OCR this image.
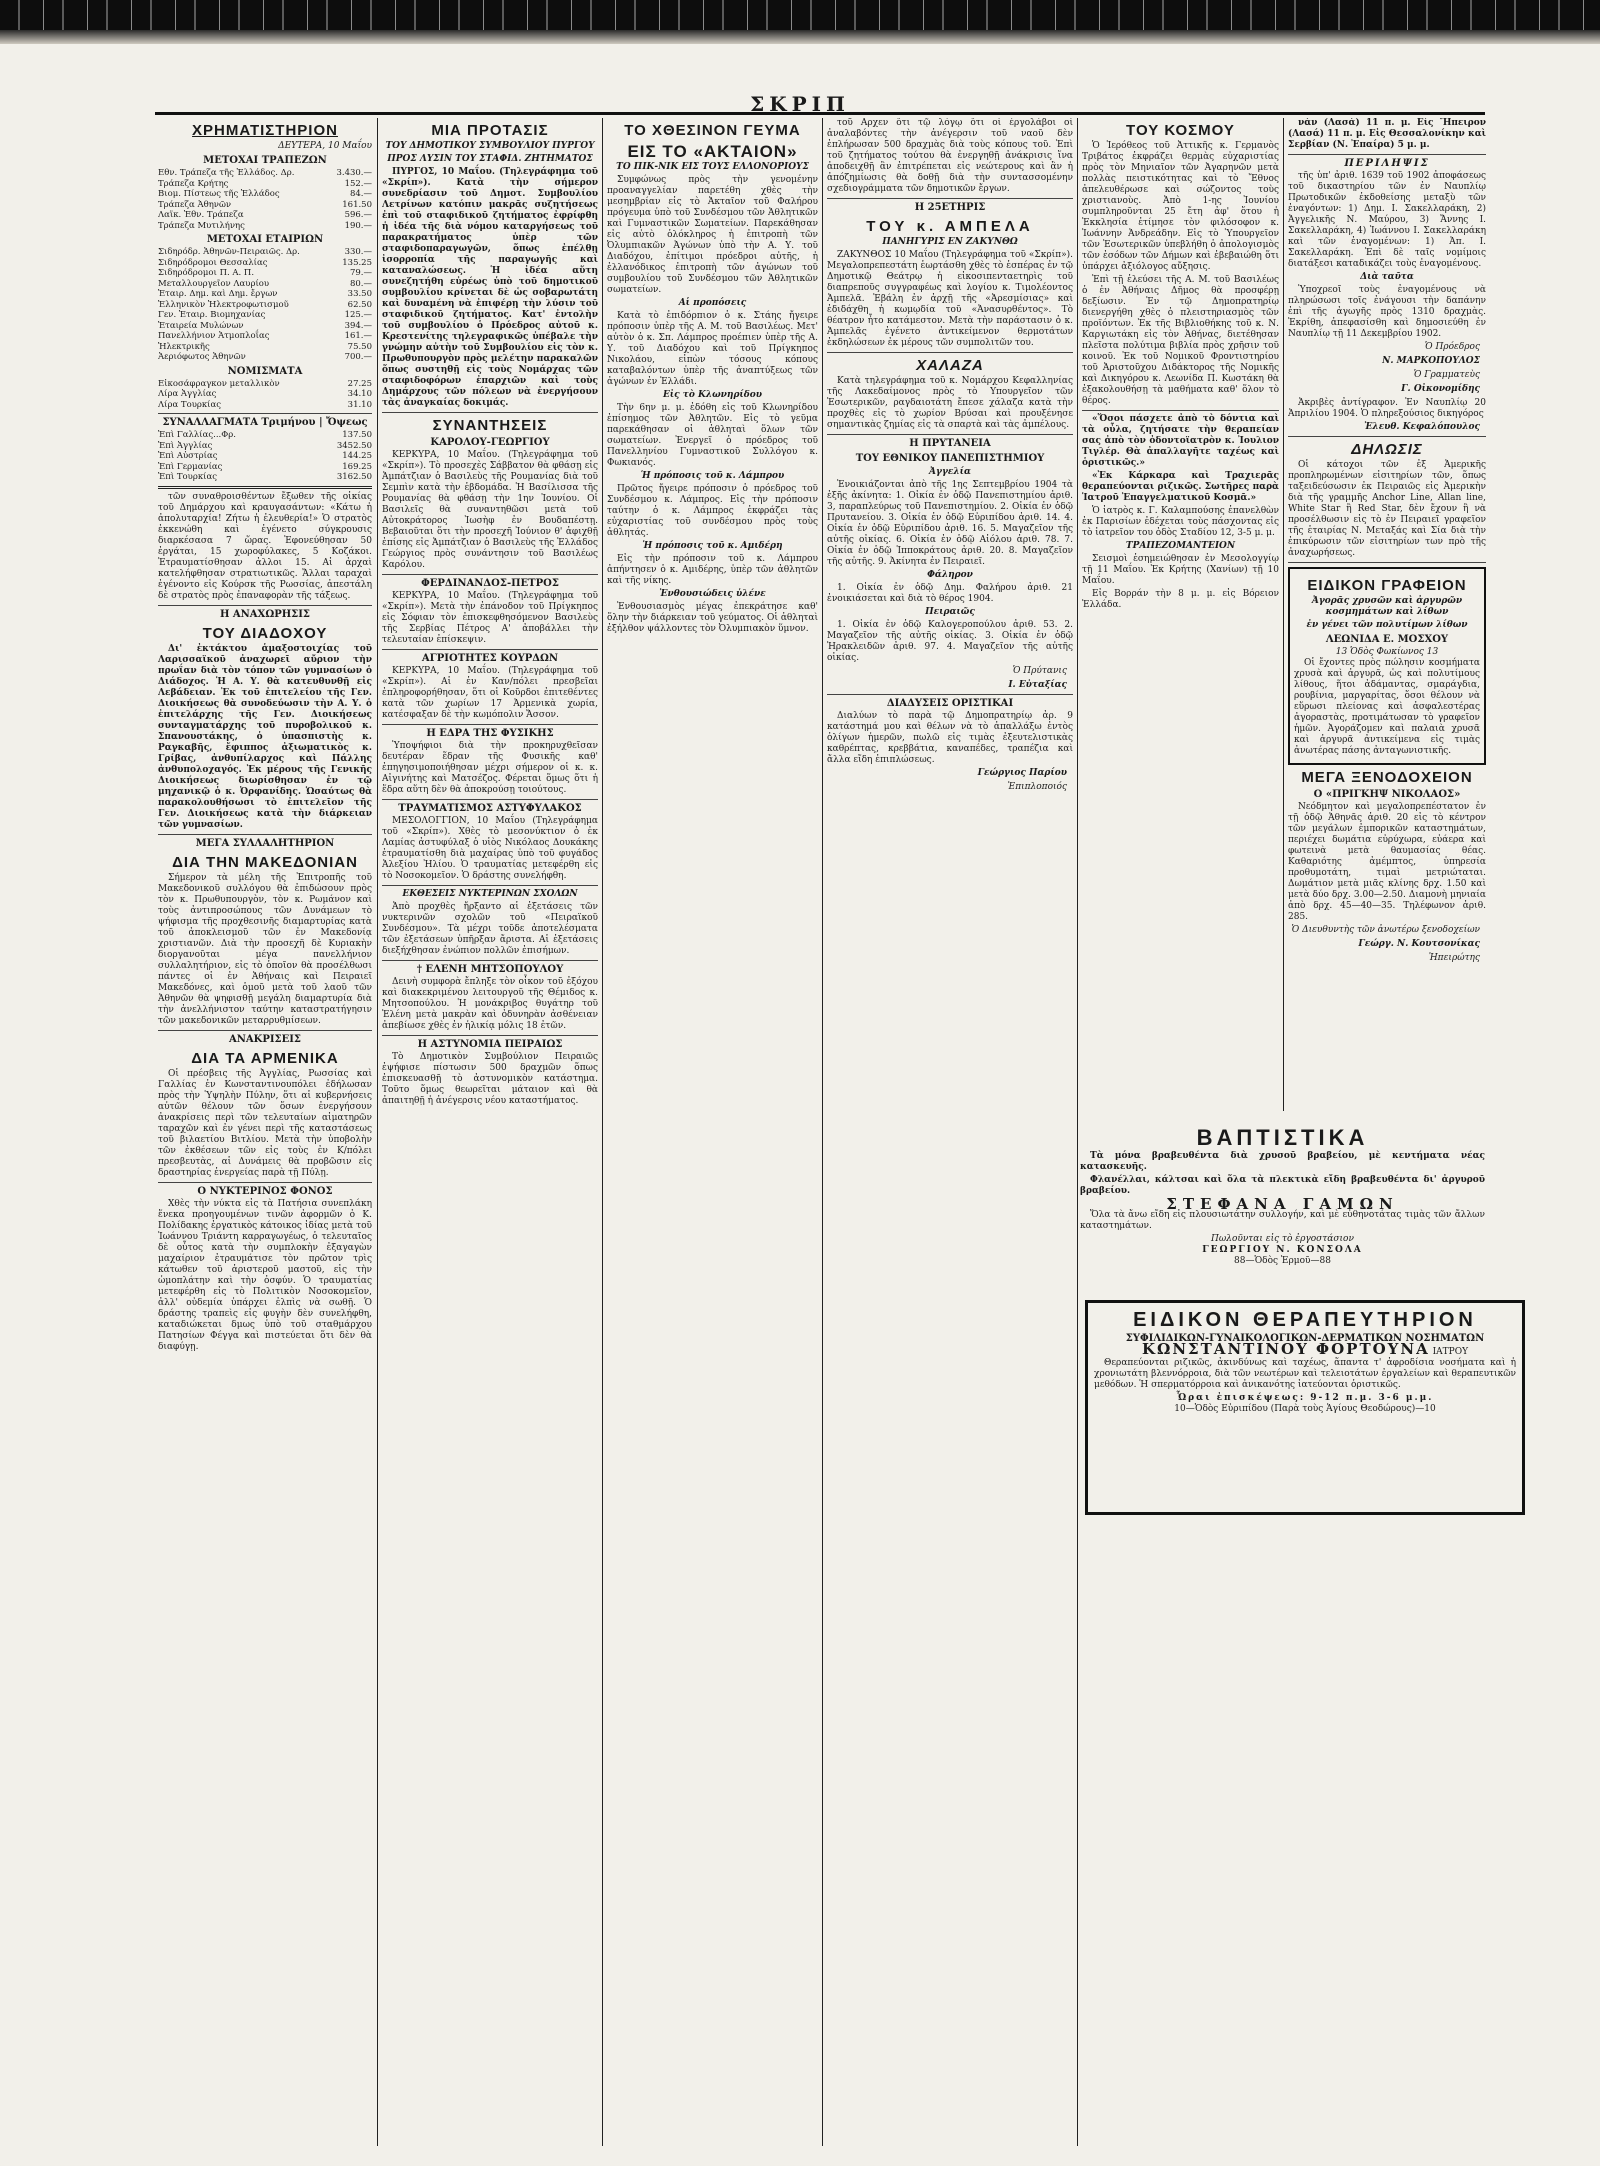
ΣΚΡΙΠ
ΧΡΗΜΑΤΙΣΤΗΡΙΟΝ
ΔΕΥΤΕΡΑ, 10 Μαΐου
ΜΕΤΟΧΑΙ ΤΡΑΠΕΖΩΝ
Εθν. Τράπεζα τῆς Ἑλλάδος. Δρ.	3.430.—
Τράπεζα Κρήτης	152.—
Βιομ. Πίστεως τῆς Ἑλλάδος	84.—
Τράπεζα Ἀθηνῶν	161.50
Λαϊκ. Ἐθν. Τράπεζα	596.—
Τράπεζα Μυτιλήνης	190.—
ΜΕΤΟΧΑΙ ΕΤΑΙΡΙΩΝ
Σιδηρόδρ. Ἀθηνῶν-Πειραιῶς. Δρ.	330.—
Σιδηρόδρομοι Θεσσαλίας	135.25
Σιδηρόδρομοι Π. Α. Π.	79.—
Μεταλλουργεῖον Λαυρίου	80.—
Ἑταιρ. Δημ. καὶ Δημ. ἔργων	33.50
Ἑλληνικὸν Ἠλεκτροφωτισμοῦ	62.50
Γεν. Ἑταιρ. Βιομηχανίας	125.—
Ἑταιρεία Μυλώνων	394.—
Πανελλήνιον Ἀτμοπλοΐας	161.—
Ἠλεκτρικῆς	75.50
Ἀεριόφωτος Ἀθηνῶν	700.—
ΝΟΜΙΣΜΑΤΑ
Εἰκοσάφραγκον μεταλλικὸν	27.25
Λίρα Ἀγγλίας	34.10
Λίρα Τουρκίας	31.10
ΣΥΝΑΛΛΑΓΜΑΤΑ Τριμήνου | Ὄψεως
Ἐπὶ Γαλλίας...Φρ.	137.50
Ἐπὶ Ἀγγλίας	3452.50
Ἐπὶ Αὐστρίας	144.25
Ἐπὶ Γερμανίας	169.25
Ἐπὶ Τουρκίας	3162.50

τῶν συναθροισθέντων ἔξωθεν τῆς οἰκίας τοῦ Δημάρχου καὶ κραυγασάντων: «Κάτω ἡ ἀπολυταρχία! Ζήτω ἡ ἐλευθερία!» Ὁ στρατὸς ἐκκενώθη καὶ ἐγένετο σύγκρουσις διαρκέσασα 7 ὥρας. Ἐφονεύθησαν 50 ἐργάται, 15 χωροφύλακες, 5 Κοζάκοι. Ἐτραυματίσθησαν ἀλλοι 15. Αἱ ἀρχαὶ κατελήφθησαν στρατιωτικῶς. Ἄλλαι ταραχαὶ ἐγένοντο εἰς Κούρσκ τῆς Ρωσσίας, ἀπεστάλη δὲ στρατὸς πρὸς ἐπαναφορὰν τῆς τάξεως.

Η ΑΝΑΧΩΡΗΣΙΣ
ΤΟΥ ΔΙΑΔΟΧΟΥ

Δι' ἐκτάκτου ἁμαξοστοιχίας τοῦ Λαρισσαϊκοῦ ἀναχωρεῖ αὔριον τὴν πρωΐαν διὰ τὸν τόπον τῶν γυμνασίων ὁ Διάδοχος. Ἡ Α. Υ. θὰ κατευθυνθῇ εἰς Λεβάδειαν. Ἐκ τοῦ ἐπιτελείου τῆς Γεν. Διοικήσεως θὰ συνοδεύωσιν τὴν Α. Υ. ὁ ἐπιτελάρχης τῆς Γεν. Διοικήσεως συνταγματάρχης τοῦ πυροβολικοῦ κ. Σπανουστάκης, ὁ ὑπασπιστὴς κ. Ραγκαβῆς, ἔφιππος ἀξιωματικὸς κ. Γρίβας, ἀνθυπίλαρχος καὶ Πάλλης ἀνθυπολοχαγός. Ἐκ μέρους τῆς Γενικῆς Διοικήσεως διωρίσθησαν ἐν τῷ μηχανικῷ ὁ κ. Ὀρφανίδης. Ὡσαύτως θὰ παρακολουθήσωσι τὸ ἐπιτελεῖον τῆς Γεν. Διοικήσεως κατὰ τὴν διάρκειαν τῶν γυμνασίων.

ΜΕΓΑ ΣΥΛΛΑΛΗΤΗΡΙΟΝ
ΔΙΑ ΤΗΝ ΜΑΚΕΔΟΝΙΑΝ

Σήμερον τὰ μέλη τῆς Ἐπιτροπῆς τοῦ Μακεδονικοῦ συλλόγου θὰ ἐπιδώσουν πρὸς τὸν κ. Πρωθυπουργὸν, τὸν κ. Ρωμάνον καὶ τοὺς ἀντιπροσώπους τῶν Δυνάμεων τὸ ψήφισμα τῆς προχθεσινῆς διαμαρτυρίας κατὰ τοῦ ἀποκλεισμοῦ τῶν ἐν Μακεδονίᾳ χριστιανῶν. Διὰ τὴν προσεχῆ δὲ Κυριακὴν διοργανοῦται μέγα πανελλήνιον συλλαλητήριον, εἰς τὸ ὁποῖον θὰ προσέλθωσι πάντες οἱ ἐν Ἀθήναις καὶ Πειραιεῖ Μακεδόνες, καὶ ὁμοῦ μετὰ τοῦ λαοῦ τῶν Ἀθηνῶν θὰ ψηφισθῇ μεγάλη διαμαρτυρία διὰ τὴν ἀνελλήνιστον ταύτην καταστρατήγησιν τῶν μακεδονικῶν μεταρρυθμίσεων.

ΑΝΑΚΡΙΣΕΙΣ
ΔΙΑ ΤΑ ΑΡΜΕΝΙΚΑ

Οἱ πρέσβεις τῆς Ἀγγλίας, Ρωσσίας καὶ Γαλλίας ἐν Κωνσταντινουπόλει ἐδήλωσαν πρὸς τὴν Ὑψηλὴν Πύλην, ὅτι αἱ κυβερνήσεις αὐτῶν θέλουν τῶν ὅσων ἐνεργήσουν ἀνακρίσεις περὶ τῶν τελευταίων αἱματηρῶν ταραχῶν καὶ ἐν γένει περὶ τῆς καταστάσεως τοῦ βιλαετίου Βιτλίου. Μετὰ τὴν ὑποβολὴν τῶν ἐκθέσεων τῶν εἰς τοὺς ἐν Κ/πόλει πρεσβευτὰς, αἱ Δυνάμεις θὰ προβῶσιν εἰς δραστηρίας ἐνεργείας παρὰ τῇ Πύλῃ.

Ο ΝΥΚΤΕΡΙΝΟΣ ΦΟΝΟΣ

Χθὲς τὴν νύκτα εἰς τὰ Πατήσια συνεπλάκη ἕνεκα προηγουμένων τινῶν ἀφορμῶν ὁ Κ. Πολίδακης ἐργατικὸς κάτοικος ἰδίας μετὰ τοῦ Ἰωάννου Τριάντη καρραγωγέως, ὁ τελευταῖος δὲ οὗτος κατὰ τὴν συμπλοκὴν ἐξαγαγὼν μαχαίριον ἐτραυμάτισε τὸν πρῶτον τρὶς κάτωθεν τοῦ ἀριστεροῦ μαστοῦ, εἰς τὴν ὠμοπλάτην καὶ τὴν ὀσφύν. Ὁ τραυματίας μετεφέρθη εἰς τὸ Πολιτικὸν Νοσοκομεῖον, ἀλλ' οὐδεμία ὑπάρχει ἐλπὶς νὰ σωθῇ. Ὁ δράστης τραπεὶς εἰς φυγὴν δὲν συνελήφθη, καταδιώκεται δμως ὑπὸ τοῦ σταθμάρχου Πατησίων Φέγγα καὶ πιστεύεται ὅτι δὲν θὰ διαφύγῃ.

ΜΙΑ ΠΡΟΤΑΣΙΣ
ΤΟΥ ΔΗΜΟΤΙΚΟΥ ΣΥΜΒΟΥΛΙΟΥ ΠΥΡΓΟΥ
ΠΡΟΣ ΛΥΣΙΝ ΤΟΥ ΣΤΑΦΙΔ. ΖΗΤΗΜΑΤΟΣ

ΠΥΡΓΟΣ, 10 Μαΐου. (Τηλεγράφημα τοῦ «Σκρίπ»). Κατὰ τὴν σήμερον συνεδρίασιν τοῦ Δημοτ. Συμβουλίου Λετρίνων κατόπιν μακρᾶς συζητήσεως ἐπὶ τοῦ σταφιδικοῦ ζητήματος ἐφρίφθη ἡ ἰδέα τῆς διὰ νόμου καταργήσεως τοῦ παρακρατήματος ὑπὲρ τῶν σταφιδοπαραγωγῶν, ὅπως ἐπέλθῃ ἰσορροπία τῆς παραγωγῆς καὶ καταναλώσεως. Ἡ ἰδέα αὕτη συνεζητήθη εὐρέως ὑπὸ τοῦ δημοτικοῦ συμβουλίου κρίνεται δὲ ὡς σοβαρωτάτη καὶ δυναμένη νὰ ἐπιφέρῃ τὴν λύσιν τοῦ σταφιδικοῦ ζητήματος. Κατ' ἐντολὴν τοῦ συμβουλίου ὁ Πρόεδρος αὐτοῦ κ. Κρεστενίτης τηλεγραφικῶς ὑπέβαλε τὴν γνώμην αὐτὴν τοῦ Συμβουλίου εἰς τὸν κ. Πρωθυπουργὸν πρὸς μελέτην παρακαλῶν ὅπως συστηθῇ εἰς τοὺς Νομάρχας τῶν σταφιδοφόρων ἐπαρχιῶν καὶ τοὺς Δημάρχους τῶν πόλεων νὰ ἐνεργήσουν τὰς ἀναγκαίας δοκιμάς.

ΣΥΝΑΝΤΗΣΕΙΣ
ΚΑΡΟΛΟΥ-ΓΕΩΡΓΙΟΥ

ΚΕΡΚΥΡΑ, 10 Μαΐου. (Τηλεγράφημα τοῦ «Σκρίπ»). Τὸ προσεχὲς Σάββατον θὰ φθάσῃ εἰς Ἀμπάτζιαν ὁ Βασιλεὺς τῆς Ρουμανίας διὰ τοῦ Σεμπὶν κατὰ τὴν ἑβδομάδα. Ἡ Βασίλισσα τῆς Ρουμανίας θὰ φθάσῃ τὴν 1ην Ἰουνίου. Οἱ Βασιλεῖς θὰ συναντηθῶσι μετὰ τοῦ Αὐτοκράτορος Ἰωσὴφ ἐν Βουδαπέστῃ. Βεβαιοῦται ὅτι τὴν προσεχῆ Ἰούνιον θ' ἀφιχθῇ ἐπίσης εἰς Ἀμπάτζιαν ὁ Βασιλεὺς τῆς Ἑλλάδος Γεώργιος πρὸς συνάντησιν τοῦ Βασιλέως Καρόλου.

ΦΕΡΔΙΝΑΝΔΟΣ-ΠΕΤΡΟΣ

ΚΕΡΚΥΡΑ, 10 Μαΐου. (Τηλεγράφημα τοῦ «Σκρίπ»). Μετὰ τὴν ἐπάνοδον τοῦ Πρίγκηπος εἰς Σόφιαν τὸν ἐπισκεφθησόμενον Βασιλεὺς τῆς Σερβίας Πέτρος Α' ἀποβάλλει τὴν τελευταίαν ἐπίσκεψιν.

ΑΓΡΙΟΤΗΤΕΣ ΚΟΥΡΔΩΝ

ΚΕΡΚΥΡΑ, 10 Μαΐου. (Τηλεγράφημα τοῦ «Σκρίπ»). Αἱ ἐν Καν/πόλει πρεσβεῖαι ἐπληροφορήθησαν, ὅτι οἱ Κοῦρδοι ἐπιτεθέντες κατὰ τῶν χωρίων 17 Ἀρμενικὰ χωρία, κατέσφαξαν δὲ τὴν κωμόπολιν Ἄσσον.

Η ΕΔΡΑ ΤΗΣ ΦΥΣΙΚΗΣ

Ὑποψήφιοι διὰ τὴν προκηρυχθεῖσαν δευτέραν ἕδραν τῆς Φυσικῆς καθ' ἐπηγησιμοποιήθησαν μέχρι σήμερον οἱ κ. κ. Αἰγινήτης καὶ Ματσέζος. Φέρεται ὅμως ὅτι ἡ ἕδρα αὕτη δὲν θὰ ἀποκρούσῃ τοιούτους.

ΤΡΑΥΜΑΤΙΣΜΟΣ ΑΣΤΥΦΥΛΑΚΟΣ

ΜΕΣΟΛΟΓΓΙΟΝ, 10 Μαΐου (Τηλεγράφημα τοῦ «Σκρίπ»). Χθὲς τὸ μεσονύκτιον ὁ ἐκ Λαμίας ἀστυφύλαξ ὁ υἱὸς Νικόλαος Δουκάκης ἐτραυματίσθη διὰ μαχαίρας ὑπὸ τοῦ φυγάδος Ἀλεξίου Ἠλίου. Ὁ τραυματίας μετεφέρθη εἰς τὸ Νοσοκομεῖον. Ὁ δράστης συνελήφθη.

ΕΚΘΕΣΕΙΣ ΝΥΚΤΕΡΙΝΩΝ ΣΧΟΛΩΝ

Ἀπὸ προχθὲς ἤρξαντο αἱ ἐξετάσεις τῶν νυκτερινῶν σχολῶν τοῦ «Πειραϊκοῦ Συνδέσμου». Τὰ μέχρι τοῦδε ἀποτελέσματα τῶν ἐξετάσεων ὑπῆρξαν ἄριστα. Αἱ ἐξετάσεις διεξήχθησαν ἐνώπιον πολλῶν ἐπισήμων.

† ΕΛΕΝΗ ΜΗΤΣΟΠΟΥΛΟΥ

Δεινὴ συμφορὰ ἔπληξε τὸν οἶκον τοῦ ἐξόχου καὶ διακεκριμένου λειτουργοῦ τῆς Θέμιδος κ. Μητσοπούλου. Ἡ μονάκριβος θυγάτηρ τοῦ Ἑλένη μετὰ μακρὰν καὶ ὀδυνηρὰν ἀσθένειαν ἀπεβίωσε χθὲς ἐν ἡλικίᾳ μόλις 18 ἐτῶν.

Η ΑΣΤΥΝΟΜΙΑ ΠΕΙΡΑΙΩΣ

Τὸ Δημοτικὸν Συμβούλιον Πειραιῶς ἐψήφισε πίστωσιν 500 δραχμῶν ὅπως ἐπισκευασθῇ τὸ ἀστυνομικὸν κατάστημα. Τοῦτο ὅμως θεωρεῖται μάταιον καὶ θὰ ἀπαιτηθῇ ἡ ἀνέγερσις νέου καταστήματος.

ΤΟ ΧΘΕΣΙΝΟΝ ΓΕΥΜΑ
ΕΙΣ ΤΟ «ΑΚΤΑΙΟΝ»
ΤΟ ΠΙΚ-ΝΙΚ ΕΙΣ ΤΟΥΣ ΕΛΛΟΝΟΡΙΟΥΣ

Συμφώνως πρὸς τὴν γενομένην προαναγγελίαν παρετέθη χθὲς τὴν μεσημβρίαν εἰς τὸ Ἀκταῖον τοῦ Φαλήρου πρόγευμα ὑπὸ τοῦ Συνδέσμου τῶν Ἀθλητικῶν καὶ Γυμναστικῶν Σωματείων. Παρεκάθησαν εἰς αὐτὸ ὁλόκληρος ἡ ἐπιτροπὴ τῶν Ὀλυμπιακῶν Ἀγώνων ὑπὸ τὴν Α. Υ. τοῦ Διαδόχου, ἐπίτιμοι πρόεδροι αὐτῆς, ἡ ἑλλανόδικος ἐπιτροπὴ τῶν ἀγώνων τοῦ συμβουλίου τοῦ Συνδέσμου τῶν Ἀθλητικῶν σωματείων.

Αἱ προπόσεις

Κατὰ τὸ ἐπιδόρπιον ὁ κ. Στάης ἤγειρε πρόποσιν ὑπὲρ τῆς Α. Μ. τοῦ Βασιλέως. Μετ' αὐτὸν ὁ κ. Σπ. Λάμπρος προέπιεν ὑπὲρ τῆς Α. Υ. τοῦ Διαδόχου καὶ τοῦ Πρίγκηπος Νικολάου, εἰπὼν τόσους κόπους καταβαλόντων ὑπὲρ τῆς ἀναπτύξεως τῶν ἀγώνων ἐν Ἑλλάδι.

Εἰς τὸ Κλωνηρίδου

Τὴν 6ην μ. μ. ἐδόθη εἰς τοῦ Κλωνηρίδου ἐπίσημος τῶν Ἀθλητῶν. Εἰς τὸ γεῦμα παρεκάθησαν οἱ ἀθληταὶ ὅλων τῶν σωματείων. Ἐνεργεῖ ὁ πρόεδρος τοῦ Πανελληνίου Γυμναστικοῦ Συλλόγου κ. Φωκιανός.

Ἡ πρόποσις τοῦ κ. Λάμπρου

Πρῶτος ἤγειρε πρόποσιν ὁ πρόεδρος τοῦ Συνδέσμου κ. Λάμπρος. Εἰς τὴν πρόποσιν ταύτην ὁ κ. Λάμπρος ἐκφράζει τὰς εὐχαριστίας τοῦ συνδέσμου πρὸς τοὺς ἀθλητάς.

Ἡ πρόποσις τοῦ κ. Αμιδέρη

Εἰς τὴν πρόποσιν τοῦ κ. Λάμπρου ἀπήντησεν ὁ κ. Αμιδέρης, ὑπὲρ τῶν ἀθλητῶν καὶ τῆς νίκης.

Ἐνθουσιώδεις ὑλένε

Ἐνθουσιασμὸς μέγας ἐπεκράτησε καθ' ὅλην τὴν διάρκειαν τοῦ γεύματος. Οἱ ἀθληταὶ ἐξήλθον ψάλλοντες τὸν Ὀλυμπιακὸν ὕμνον.

τοῦ Αρχεν ὅτι τῷ λόγῳ ὅτι οἱ ἐργολάβοι οἱ ἀναλαβόντες τὴν ἀνέγερσιν τοῦ ναοῦ δὲν ἐπλήρωσαν 500 δραχμὰς διὰ τοὺς κόπους τοῦ. Ἐπὶ τοῦ ζητήματος τούτου θὰ ἐνεργηθῇ ἀνάκρισις ἵνα ἀποδειχθῇ ἂν ἐπιτρέπεται εἰς νεώτερους καὶ ἂν ἡ ἀπόζημίωσις θὰ δοθῇ διὰ τὴν συντασσομένην σχεδιογράμματα τῶν δημοτικῶν ἔργων.

Η 25ΕΤΗΡΙΣ
ΤΟΥ κ. ΑΜΠΕΛΑ
ΠΑΝΗΓΥΡΙΣ ΕΝ ΖΑΚΥΝΘΩ

ΖΑΚΥΝΘΟΣ 10 Μαΐου (Τηλεγράφημα τοῦ «Σκρίπ»). Μεγαλοπρεπεστάτη ἑωρτάσθη χθὲς τὸ ἑσπέρας ἐν τῷ Δημοτικῷ Θεάτρῳ ἡ εἰκοσιπενταετηρὶς τοῦ διαπρεποῦς συγγραφέως καὶ λογίου κ. Τιμολέοντος Ἀμπελᾶ. Ἐβάλη ἐν ἀρχῇ τῆς «Ἀρεσμίσιας» καὶ ἐδιδάχθη ἡ κωμῳδία τοῦ «Ἀνασυρθέντος». Τὸ θέατρον ἦτο κατάμεστον. Μετὰ τὴν παράστασιν ὁ κ. Ἀμπελᾶς ἐγένετο ἀντικείμενον θερμοτάτων ἐκδηλώσεων ἐκ μέρους τῶν συμπολιτῶν του.

ΧΑΛΑΖΑ

Κατὰ τηλεγράφημα τοῦ κ. Νομάρχου Κεφαλληνίας τῆς Λακεδαίμονος πρὸς τὸ Υπουργεῖον τῶν Ἐσωτερικῶν, ραγδαιοτάτη ἔπεσε χάλαζα κατὰ τὴν προχθὲς εἰς τὸ χωρίον Βρύσαι καὶ προυξένησε σημαντικὰς ζημίας εἰς τὰ σπαρτὰ καὶ τὰς ἀμπέλους.

Η ΠΡΥΤΑΝΕΙΑ
ΤΟΥ ΕΘΝΙΚΟΥ ΠΑΝΕΠΙΣΤΗΜΙΟΥ
Ἀγγελία

Ἐνοικιάζονται ἀπὸ τῆς 1ης Σεπτεμβρίου 1904 τὰ ἑξῆς ἀκίνητα: 1. Οἰκία ἐν ὁδῷ Πανεπιστημίου ἀριθ. 3, παραπλεύρως τοῦ Πανεπιστημίου. 2. Οἰκία ἐν ὁδῷ Πρυτανείου. 3. Οἰκία ἐν ὁδῷ Εὐριπίδου ἀριθ. 14. 4. Οἰκία ἐν ὁδῷ Εὐριπίδου ἀριθ. 16. 5. Μαγαζεῖον τῆς αὐτῆς οἰκίας. 6. Οἰκία ἐν ὁδῷ Αἰόλου ἀριθ. 78. 7. Οἰκία ἐν ὁδῷ Ἱπποκράτους ἀριθ. 20. 8. Μαγαζεῖον τῆς αὐτῆς. 9. Ἀκίνητα ἐν Πειραιεῖ.

Φάληρον

1. Οἰκία ἐν ὁδῷ Δημ. Φαλήρου ἀριθ. 21 ἐνοικιάσεται καὶ διὰ τὸ θέρος 1904.

Πειραιῶς

1. Οἰκία ἐν ὁδῷ Καλογεροπούλου ἀριθ. 53. 2. Μαγαζεῖον τῆς αὐτῆς οἰκίας. 3. Οἰκία ἐν ὁδῷ Ἡρακλειδῶν ἀριθ. 97. 4. Μαγαζεῖον τῆς αὐτῆς οἰκίας.

Ὁ Πρύτανις
Ι. Εὐταξίας
ΔΙΑΔΥΣΕΙΣ ΟΡΙΣΤΙΚΑΙ

Διαλύων τὸ παρὰ τῷ Δημοπρατηρίῳ ἀρ. 9 κατάστημά μου καὶ θέλων νὰ τὸ ἀπαλλάξω ἐντὸς ὀλίγων ἡμερῶν, πωλῶ εἰς τιμὰς ἐξευτελιστικὰς καθρέπτας, κρεββάτια, καναπέδες, τραπέζια καὶ ἄλλα εἴδη ἐπιπλώσεως.

Γεώργιος Παρίου
Ἐπιπλοποιός
ΤΟΥ ΚΟΣΜΟΥ

Ὁ Ἱερόθεος τοῦ Ἀττικῆς κ. Γερμανὸς Τριβάτος ἐκφράζει θερμὰς εὐχαριστίας πρὸς τὸν Μηνιαῖον τῶν Ἀγαρηνῶν μετὰ πολλὰς πειστικότητας καὶ τὸ Ἔθνος ἀπελευθέρωσε καὶ σώζοντος τοὺς χριστιανοὺς. Ἀπὸ 1-ης Ἰουνίου συμπληροῦνται 25 ἔτη ἀφ' ὅτου ἡ Ἐκκλησία ἐτίμησε τὸν φιλόσοφον κ. Ἰωάννην Ἀνδρεάδην. Εἰς τὸ Ὑπουργεῖον τῶν Ἐσωτερικῶν ὑπεβλήθη ὁ ἀπολογισμὸς τῶν ἐσόδων τῶν Δήμων καὶ ἐβεβαιώθη ὅτι ὑπάρχει ἀξιόλογος αὔξησις.

Ἐπὶ τῇ ἐλεύσει τῆς Α. Μ. τοῦ Βασιλέως ὁ ἐν Ἀθήναις Δῆμος θὰ προσφέρῃ δεξίωσιν. Ἐν τῷ Δημοπρατηρίῳ διενεργήθη χθὲς ὁ πλειστηριασμὸς τῶν προϊόντων. Ἐκ τῆς Βιβλιοθήκης τοῦ κ. Ν. Καργιωτάκη εἰς τὸν Ἀθήνας, διετέθησαν πλεῖστα πολύτιμα βιβλία πρὸς χρῆσιν τοῦ κοινοῦ. Ἐκ τοῦ Νομικοῦ Φροντιστηρίου τοῦ Ἀριστοῦχου Διδάκτορος τῆς Νομικῆς καὶ Δικηγόρου κ. Λεωνίδα Π. Κωστάκη θὰ ἐξακολουθήσῃ τὰ μαθήματα καθ' ὅλον τὸ θέρος.

«Ὅσοι πάσχετε ἀπὸ τὸ δόντια καὶ τὰ οὖλα, ζητήσατε τὴν θεραπείαν σας ἀπὸ τὸν ὀδοντοϊατρὸν κ. Ἰουλιον Τιγλέρ. Θὰ ἀπαλλαγῆτε ταχέως καὶ ὁριστικῶς.»

«Ἐκ Κάρκαρα καὶ Τραχιερᾶς θεραπεύονται ριζικῶς. Σωτῆρες παρὰ Ἱατροῦ Ἐπαγγελματικοῦ Κοσμᾶ.»

Ὁ ἰατρὸς κ. Γ. Καλαμπούσης ἐπανελθὼν ἐκ Παρισίων ἐδέχεται τοὺς πάσχοντας εἰς τὸ ἰατρεῖον του ὁδὸς Σταδίου 12, 3-5 μ. μ.

ΤΡΑΠΕΖΟΜΑΝΤΕΙΟΝ

Σεισμοὶ ἐσημειώθησαν ἐν Μεσολογγίῳ τῇ 11 Μαΐου. Ἐκ Κρήτης (Χανίων) τῇ 10 Μαΐου.

Εἰς Βορράν τὴν 8 μ. μ. εἰς Βόρειον Ἑλλάδα.

νὰν (Λασά) 11 π. μ. Εἰς Ἤπειρον (Λασά) 11 π. μ. Εἰς Θεσσαλονίκην καὶ Σερβίαν (Ν. Ἐπαίρα) 5 μ. μ.

ΠΕΡΙΛΗΨΙΣ

τῆς ὑπ' ἀριθ. 1639 τοῦ 1902 ἀποφάσεως τοῦ δικαστηρίου τῶν ἐν Ναυπλίῳ Πρωτοδικῶν ἐκδοθείσης μεταξὺ τῶν ἐναγόντων: 1) Δημ. Ι. Σακελλαράκη, 2) Ἀγγελικῆς Ν. Μαύρου, 3) Ἄννης Ι. Σακελλαράκη, 4) Ἰωάννου Ι. Σακελλαράκη καὶ τῶν ἐναγομένων: 1) Ἀπ. Ι. Σακελλαράκη. Ἐπὶ δὲ ταῖς νομίμοις διατάξεσι καταδικάζει τοὺς ἐναγομένους.

Διὰ ταῦτα

Ὑποχρεοῖ τοὺς ἐναγομένους νὰ πληρώσωσι τοῖς ἐνάγουσι τὴν δαπάνην ἐπὶ τῆς ἀγωγῆς πρὸς 1310 δραχμὰς. Ἐκρίθη, ἀπεφασίσθη καὶ δημοσιεύθη ἐν Ναυπλίῳ τῇ 11 Δεκεμβρίου 1902.

Ὁ Πρόεδρος
Ν. ΜΑΡΚΟΠΟΥΛΟΣ
Ὁ Γραμματεὺς
Γ. Οἰκονομίδης

Ἀκριβὲς ἀντίγραφον. Ἐν Ναυπλίῳ 20 Ἀπριλίου 1904. Ὁ πληρεξούσιος δικηγόρος

Ἐλευθ. Κεφαλόπουλος
ΔΗΛΩΣΙΣ

Οἱ κάτοχοι τῶν ἐξ Ἀμερικῆς προπληρωμένων εἰσιτηρίων τῶν, ὅπως ταξειδεύσωσιν ἐκ Πειραιῶς εἰς Ἀμερικὴν διὰ τῆς γραμμῆς Anchor Line, Allan line, White Star ἢ Red Star, δὲν ἔχουν ἢ νὰ προσέλθωσιν εἰς τὸ ἐν Πειραιεῖ γραφεῖον τῆς ἑταιρίας Ν. Μεταξάς καὶ Σία διὰ τὴν ἐπικύρωσιν τῶν εἰσιτηρίων των πρὸ τῆς ἀναχωρήσεως.

ΕΙΔΙΚΟΝ ΓΡΑΦΕΙΟΝ
Ἀγορᾶς χρυσῶν καὶ ἀργυρῶν κοσμημάτων καὶ λίθων
ἐν γένει τῶν πολυτίμων λίθων
ΛΕΩΝΙΔΑ Ε. ΜΟΣΧΟΥ
13 Ὁδὸς Φωκίωνος 13

Οἱ ἔχοντες πρὸς πώλησιν κοσμήματα χρυσὰ καὶ ἀργυρᾶ, ὡς καὶ πολυτίμους λίθους, ἥτοι ἀδάμαντας, σμαράγδια, ρουβίνια, μαργαρίτας, ὅσοι θέλουν νὰ εὕρωσι πλείονας καὶ ἀσφαλεστέρας ἀγοραστὰς, προτιμάτωσαν τὸ γραφεῖον ἡμῶν. Ἀγοράζομεν καὶ παλαιὰ χρυσᾶ καὶ ἀργυρᾶ ἀντικείμενα εἰς τιμὰς ἀνωτέρας πάσης ἀνταγωνιστικῆς.

ΜΕΓΑ ΞΕΝΟΔΟΧΕΙΟΝ
Ο «ΠΡΙΓΚΗΨ ΝΙΚΟΛΑΟΣ»

Νεόδμητον καὶ μεγαλοπρεπέστατον ἐν τῇ ὁδῷ Ἀθηνᾶς ἀριθ. 20 εἰς τὸ κέντρον τῶν μεγάλων ἐμπορικῶν καταστημάτων, περιέχει δωμάτια εὐρύχωρα, εὐάερα καὶ φωτεινὰ μετὰ θαυμασίας θέας. Καθαριότης ἀμέμπτος, ὑπηρεσία προθυμοτάτη, τιμαὶ μετριώταται. Δωμάτιον μετὰ μιᾶς κλίνης δρχ. 1.50 καὶ μετὰ δύο δρχ. 3.00—2.50. Διαμονὴ μηνιαία ἀπὸ δρχ. 45—40—35. Τηλέφωνον ἀριθ. 285.

Ὁ Διευθυντὴς τῶν ἀνωτέρω ξενοδοχείων
Γεώργ. Ν. Κουτσονίκας
Ἠπειρώτης
ΒΑΠΤΙΣΤΙΚΑ

Τὰ μόνα βραβευθέντα διὰ χρυσοῦ βραβείου, μὲ κεντήματα νέας κατασκευῆς.

Φλανέλλαι, κάλτσαι καὶ ὅλα τὰ πλεκτικὰ εἴδη βραβευθέντα δι' ἀργυροῦ βραβείου.

ΣΤΕΦΑΝΑ ΓΑΜΩΝ

Ὅλα τὰ ἄνω εἴδη εἰς πλουσιωτάτην συλλογήν, καὶ μὲ εὐθηνοτάτας τιμὰς τῶν ἄλλων καταστημάτων.

Πωλοῦνται εἰς τὸ ἐργοστάσιον
ΓΕΩΡΓΙΟΥ Ν. ΚΟΝΣΟΛΑ
88—Ὁδὸς Ἑρμοῦ—88
ΕΙΔΙΚΟΝ ΘΕΡΑΠΕΥΤΗΡΙΟΝ
ΣΥΦΙΛΙΔΙΚΩΝ-ΓΥΝΑΙΚΟΛΟΓΙΚΩΝ-ΔΕΡΜΑΤΙΚΩΝ ΝΟΣΗΜΑΤΩΝ
ΚΩΝΣΤΑΝΤΙΝΟΥ ΦΟΡΤΟΥΝΑ ΙΑΤΡΟΥ

Θεραπεύονται ριζικῶς, ἀκινδύνως καὶ ταχέως, ἅπαντα τ' ἀφροδίσια νοσήματα καὶ ἡ χρονιωτάτη βλεννόρροια, διὰ τῶν νεωτέρων καὶ τελειοτάτων ἐργαλείων καὶ θεραπευτικῶν μεθόδων. Ἡ σπερματόρροια καὶ ἀνικανότης ἰατεύονται ὁριστικῶς.

Ὧραι ἐπισκέψεως: 9-12 π.μ. 3-6 μ.μ.
10—Ὁδὸς Εὐριπίδου (Παρὰ τοὺς Ἁγίους Θεοδώρους)—10
